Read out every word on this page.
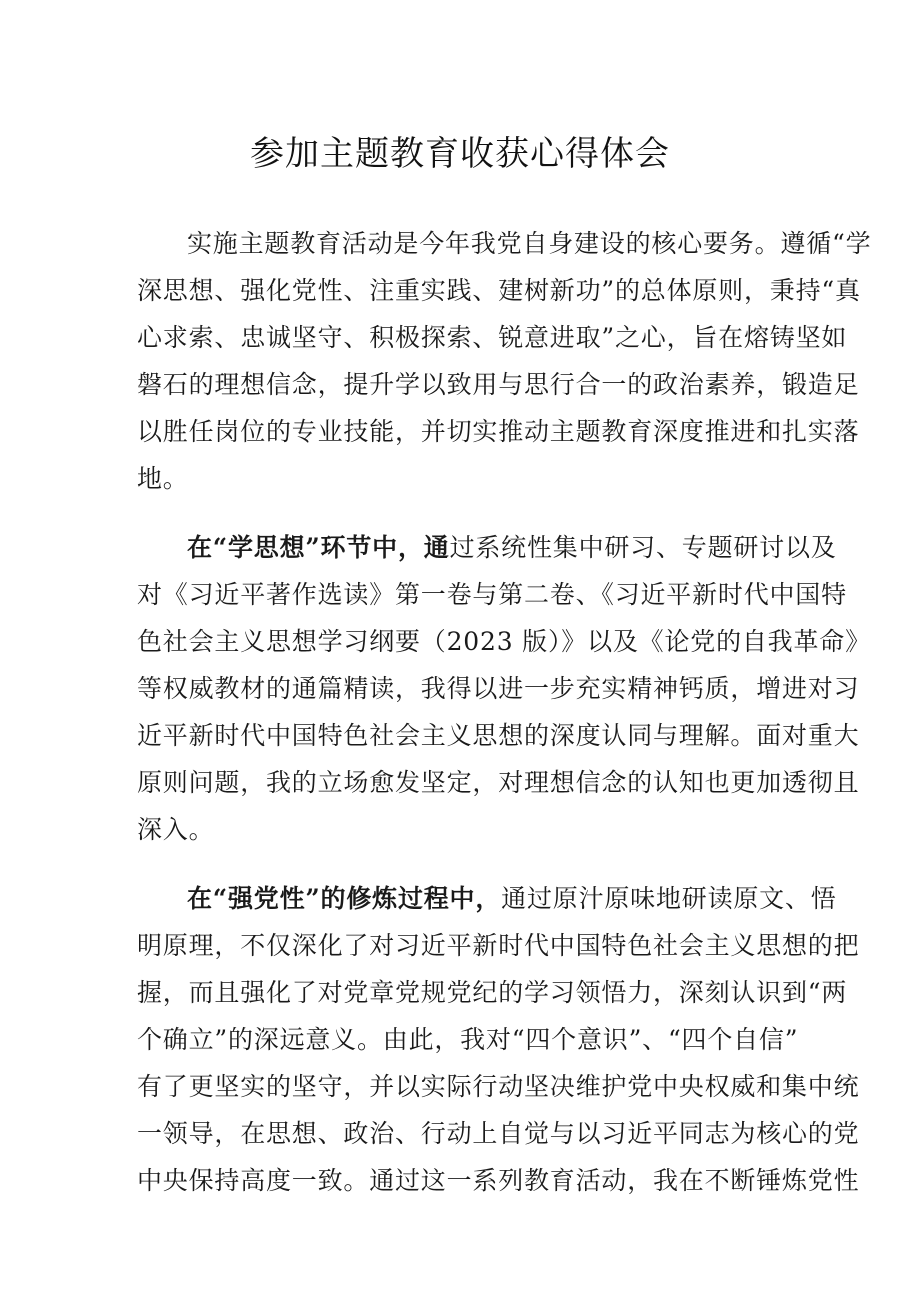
参加主题教育收获心得体会
实施主题教育活动是今年我党自身建设的核心要务。遵循“学
深思想、强化党性、注重实践、建树新功”的总体原则，秉持“真
心求索、忠诚坚守、积极探索、锐意进取”之心，旨在熔铸坚如
磐石的理想信念，提升学以致用与思行合一的政治素养，锻造足
以胜任岗位的专业技能，并切实推动主题教育深度推进和扎实落
地。
在“学思想”环节中，通过系统性集中研习、专题研讨以及
对《习近平著作选读》第一卷与第二卷、《习近平新时代中国特
色社会主义思想学习纲要（2023 版）》以及《论党的自我革命》
等权威教材的通篇精读，我得以进一步充实精神钙质，增进对习
近平新时代中国特色社会主义思想的深度认同与理解。面对重大
原则问题，我的立场愈发坚定，对理想信念的认知也更加透彻且
深入。
在“强党性”的修炼过程中，通过原汁原味地研读原文、悟
明原理，不仅深化了对习近平新时代中国特色社会主义思想的把
握，而且强化了对党章党规党纪的学习领悟力，深刻认识到“两
个确立”的深远意义。由此，我对“四个意识”、“四个自信”
有了更坚实的坚守，并以实际行动坚决维护党中央权威和集中统
一领导，在思想、政治、行动上自觉与以习近平同志为核心的党
中央保持高度一致。通过这一系列教育活动，我在不断锤炼党性
